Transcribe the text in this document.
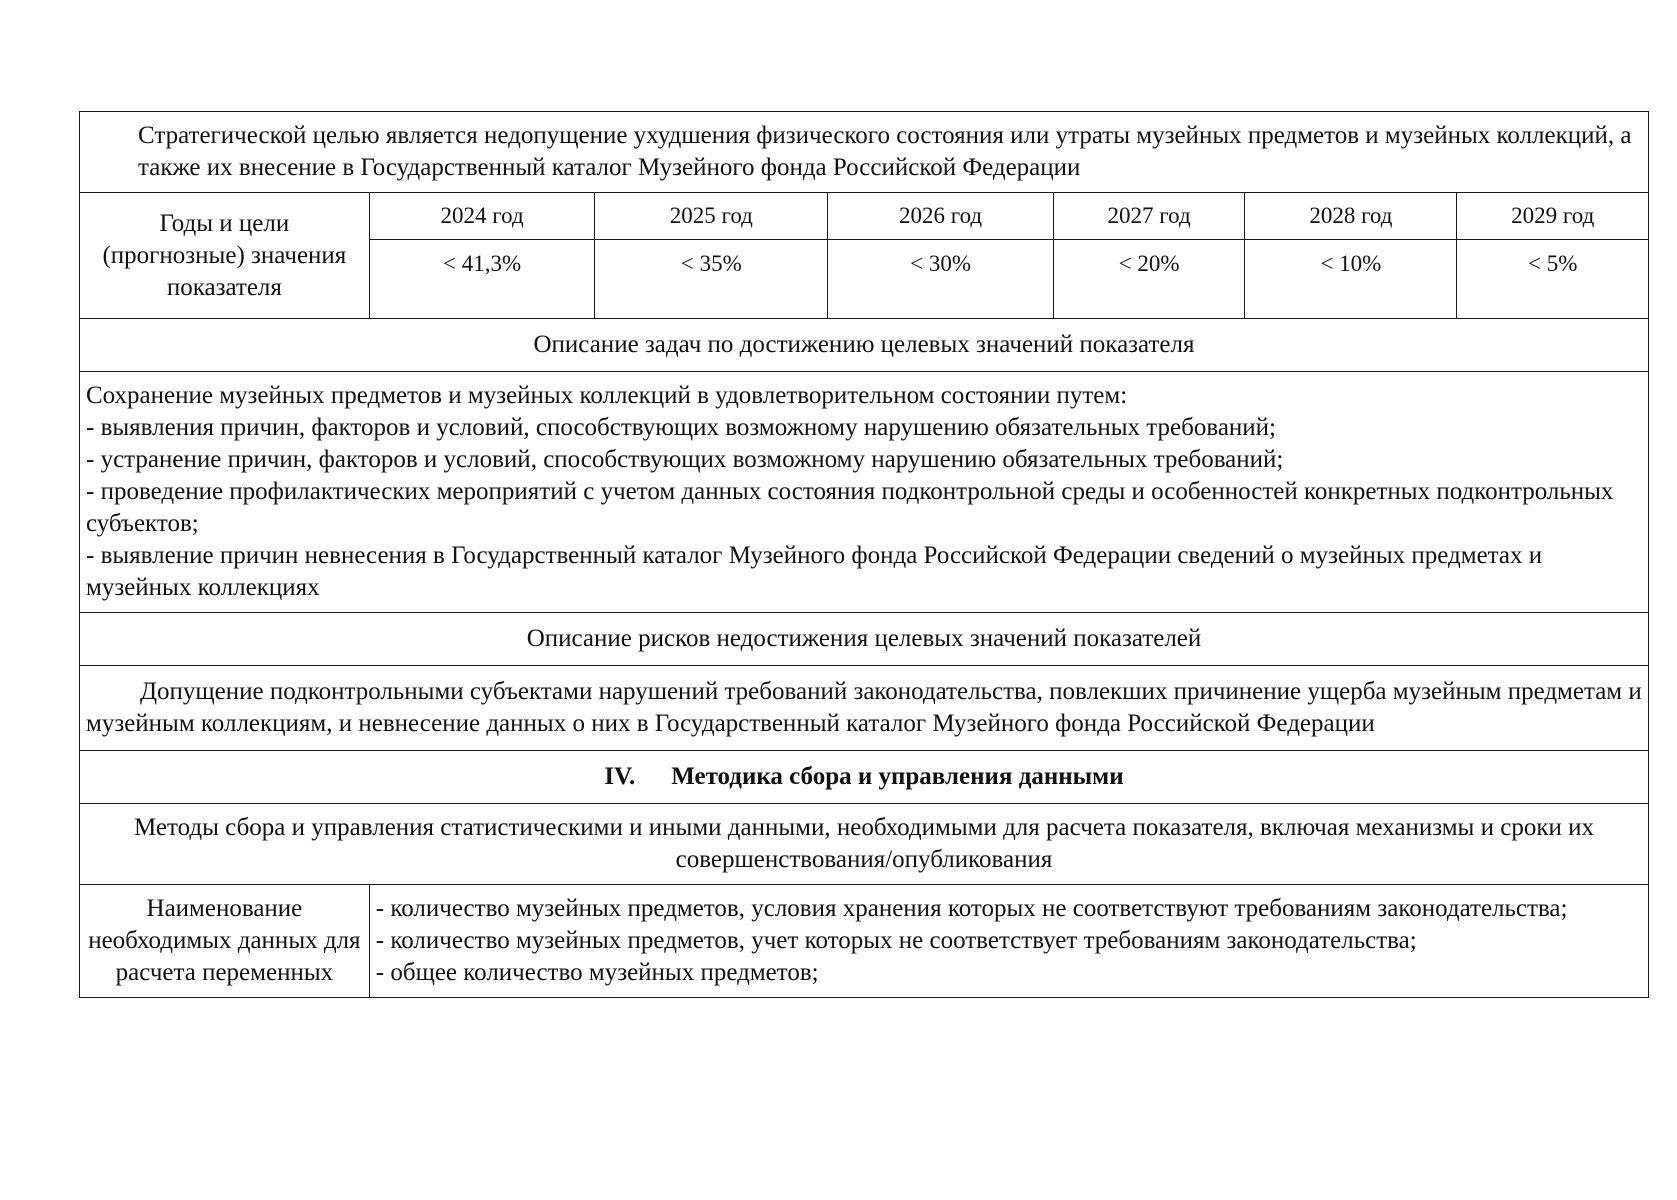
Стратегической целью является недопущение ухудшения физического состояния или утраты музейных предметов и музейных коллекций, а также их внесение в Государственный каталог Музейного фонда Российской Федерации						

Годы и цели
(прогнозные) значения
показателя	2024 год	2025 год	2026 год	2027 год	2028 год	2029 год
	< 41,3%	< 35%	< 30%	< 20%	< 10%	< 5%
Описание задач по достижению целевых значений показателя						

Сохранение музейных предметов и музейных коллекций в удовлетворительном состоянии путем:
- выявления причин, факторов и условий, способствующих возможному нарушению обязательных требований;
- устранение причин, факторов и условий, способствующих возможному нарушению обязательных требований;
- проведение профилактических мероприятий с учетом данных состояния подконтрольной среды и особенностей конкретных подконтрольных субъектов;
- выявление причин невнесения в Государственный каталог Музейного фонда Российской Федерации сведений о музейных предметах и музейных коллекциях						

Описание рисков недостижения целевых значений показателей						

Допущение подконтрольными субъектами нарушений требований законодательства, повлекших причинение ущерба музейным предметам и музейным коллекциям, и невнесение данных о них в Государственный каталог Музейного фонда Российской Федерации						

IV. Методика сбора и управления данными						
Методы сбора и управления статистическими и иными данными, необходимыми для расчета показателя, включая механизмы и сроки их совершенствования/опубликования						
Наименование необходимых данных для расчета переменных	- количество музейных предметов, условия хранения которых не соответствуют требованиям законодательства;
- количество музейных предметов, учет которых не соответствует требованиям законодательства;
- общее количество музейных предметов;					
